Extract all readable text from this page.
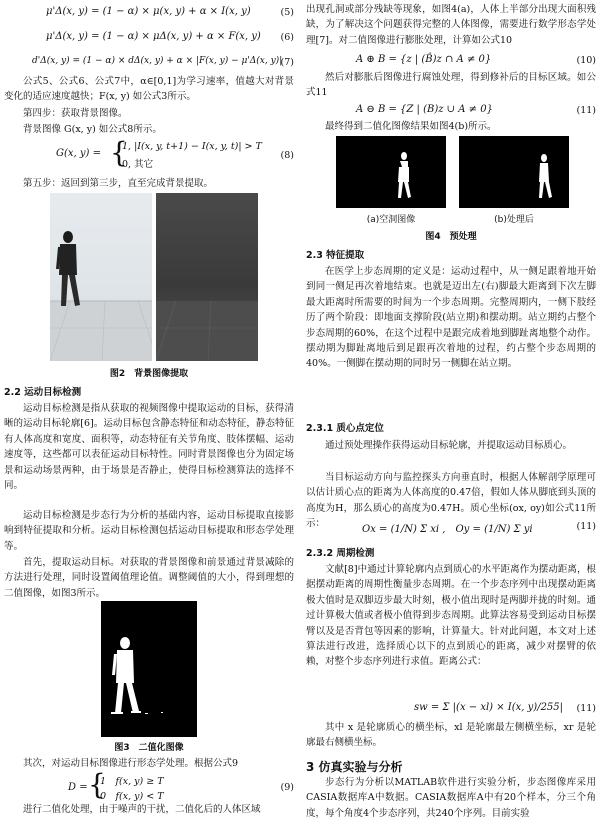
μ'Δ(x, y) = (1 − α) × μ(x, y) + α × I(x, y)	(5)
μ'Δ(x, y) = (1 − α) × μΔ(x, y) + α × F(x, y) (6)
d'Δ(x, y) = (1 − α) × dΔ(x, y) + α × |F(x, y) − μ'Δ(x, y)|
(7)

公式5、公式6、公式7中，α∈[0,1]为学习速率，值越大对背景变化的适应速度越快；F(x, y) 如公式3所示。

第四步：获取背景图像。

背景图像 G(x, y) 如公式8所示。

G(x, y) = {
1, |I(x, y, t+1) − I(x, y, t)| > T
0, 其它
(8)

第五步：返回到第三步，直至完成背景提取。

图2　背景图像提取
2.2 运动目标检测

运动目标检测是指从获取的视频图像中提取运动的目标，获得清晰的运动目标轮廓[6]。运动目标包含静态特征和动态特征，静态特征有人体高度和宽度、面积等，动态特征有关节角度、肢体摆幅、运动速度等，这些都可以表征运动目标特性。同时背景图像也分为固定场景和运动场景两种，由于场景是否静止，使得目标检测算法的选择不同。

运动目标检测是步态行为分析的基础内容，运动目标提取直接影响到特征提取和分析。运动目标检测包括运动目标提取和形态学处理等。

首先，提取运动目标。对获取的背景图像和前景通过背景减除的方法进行处理，同时设置阈值理论值。调整阈值的大小，得到理想的二值图像，如图3所示。

图3　二值化图像

其次，对运动目标图像进行形态学处理。根据公式9

D = {
1　f(x, y) ≥ T
0　f(x, y) < T
(9)

进行二值化处理，由于噪声的干扰，二值化后的人体区域

出现孔洞或部分残缺等现象，如图4(a)，人体上半部分出现大面积残缺，为了解决这个问题获得完整的人体图像，需要进行数学形态学处理[7]。对二值图像进行膨胀处理，计算如公式10

A ⊕ B = {z | (B̂)z ∩ A ≠ 0}	(10)

然后对膨胀后图像进行腐蚀处理，得到修补后的目标区域。如公式11

A ⊖ B = {Z | (B)z ∪ A ≠ 0}	(11)

最终得到二值化图像结果如图4(b)所示。

(a)空洞图像	(b)处理后
图4　预处理
2.3 特征提取

在医学上步态周期的定义是：运动过程中，从一侧足跟着地开始到同一侧足再次着地结束。也就是迈出左(右)脚最大距离到下次左脚最大距离时所需要的时间为一个步态周期。完整周期内，一侧下肢经历了两个阶段：即地面支撑阶段(站立期)和摆动期。站立期约占整个步态周期的60%，在这个过程中是跟完成着地到脚趾离地整个动作。摆动期为脚趾离地后到足跟再次着地的过程，约占整个步态周期的40%。一侧脚在摆动期的同时另一侧脚在站立期。

2.3.1 质心点定位

通过预处理操作获得运动目标轮廓，并提取运动目标质心。

当目标运动方向与监控探头方向垂直时，根据人体解剖学原理可以估计质心点的距离为人体高度的0.47倍，假如人体从脚底到头顶的高度为H，那么质心的高度为0.47H。质心坐标(ox, oy)如公式11所示：

Ox = (1/N) Σ xi ,　Oy = (1/N) Σ yi	(11)
2.3.2 周期检测

文献[8]中通过计算轮廓内点到质心的水平距离作为摆动距离，根据摆动距离的周期性衡量步态周期。在一个步态序列中出现摆动距离极大值时是双脚迈步最大时刻，极小值出现时是两脚并拢的时刻。通过计算极大值或者极小值得到步态周期。此算法容易受到运动目标摆臂以及是否背包等因素的影响，计算量大。针对此问题，本文对上述算法进行改进，选择质心以下的点到质心的距离，减少对摆臂的依赖，对整个步态序列进行求值。距离公式：

sw = Σ |(x − xl) × I(x, y)/255| (11)

其中 x 是轮廓质心的横坐标，xl 是轮廓最左侧横坐标，xr 是轮廓最右侧横坐标。

3 仿真实验与分析

步态行为分析以MATLAB软件进行实验分析，步态图像库采用CASIA数据库A中数据。CASIA数据库A中有20个样本，分三个角度，每个角度4个步态序列，共240个序列。目前实验
